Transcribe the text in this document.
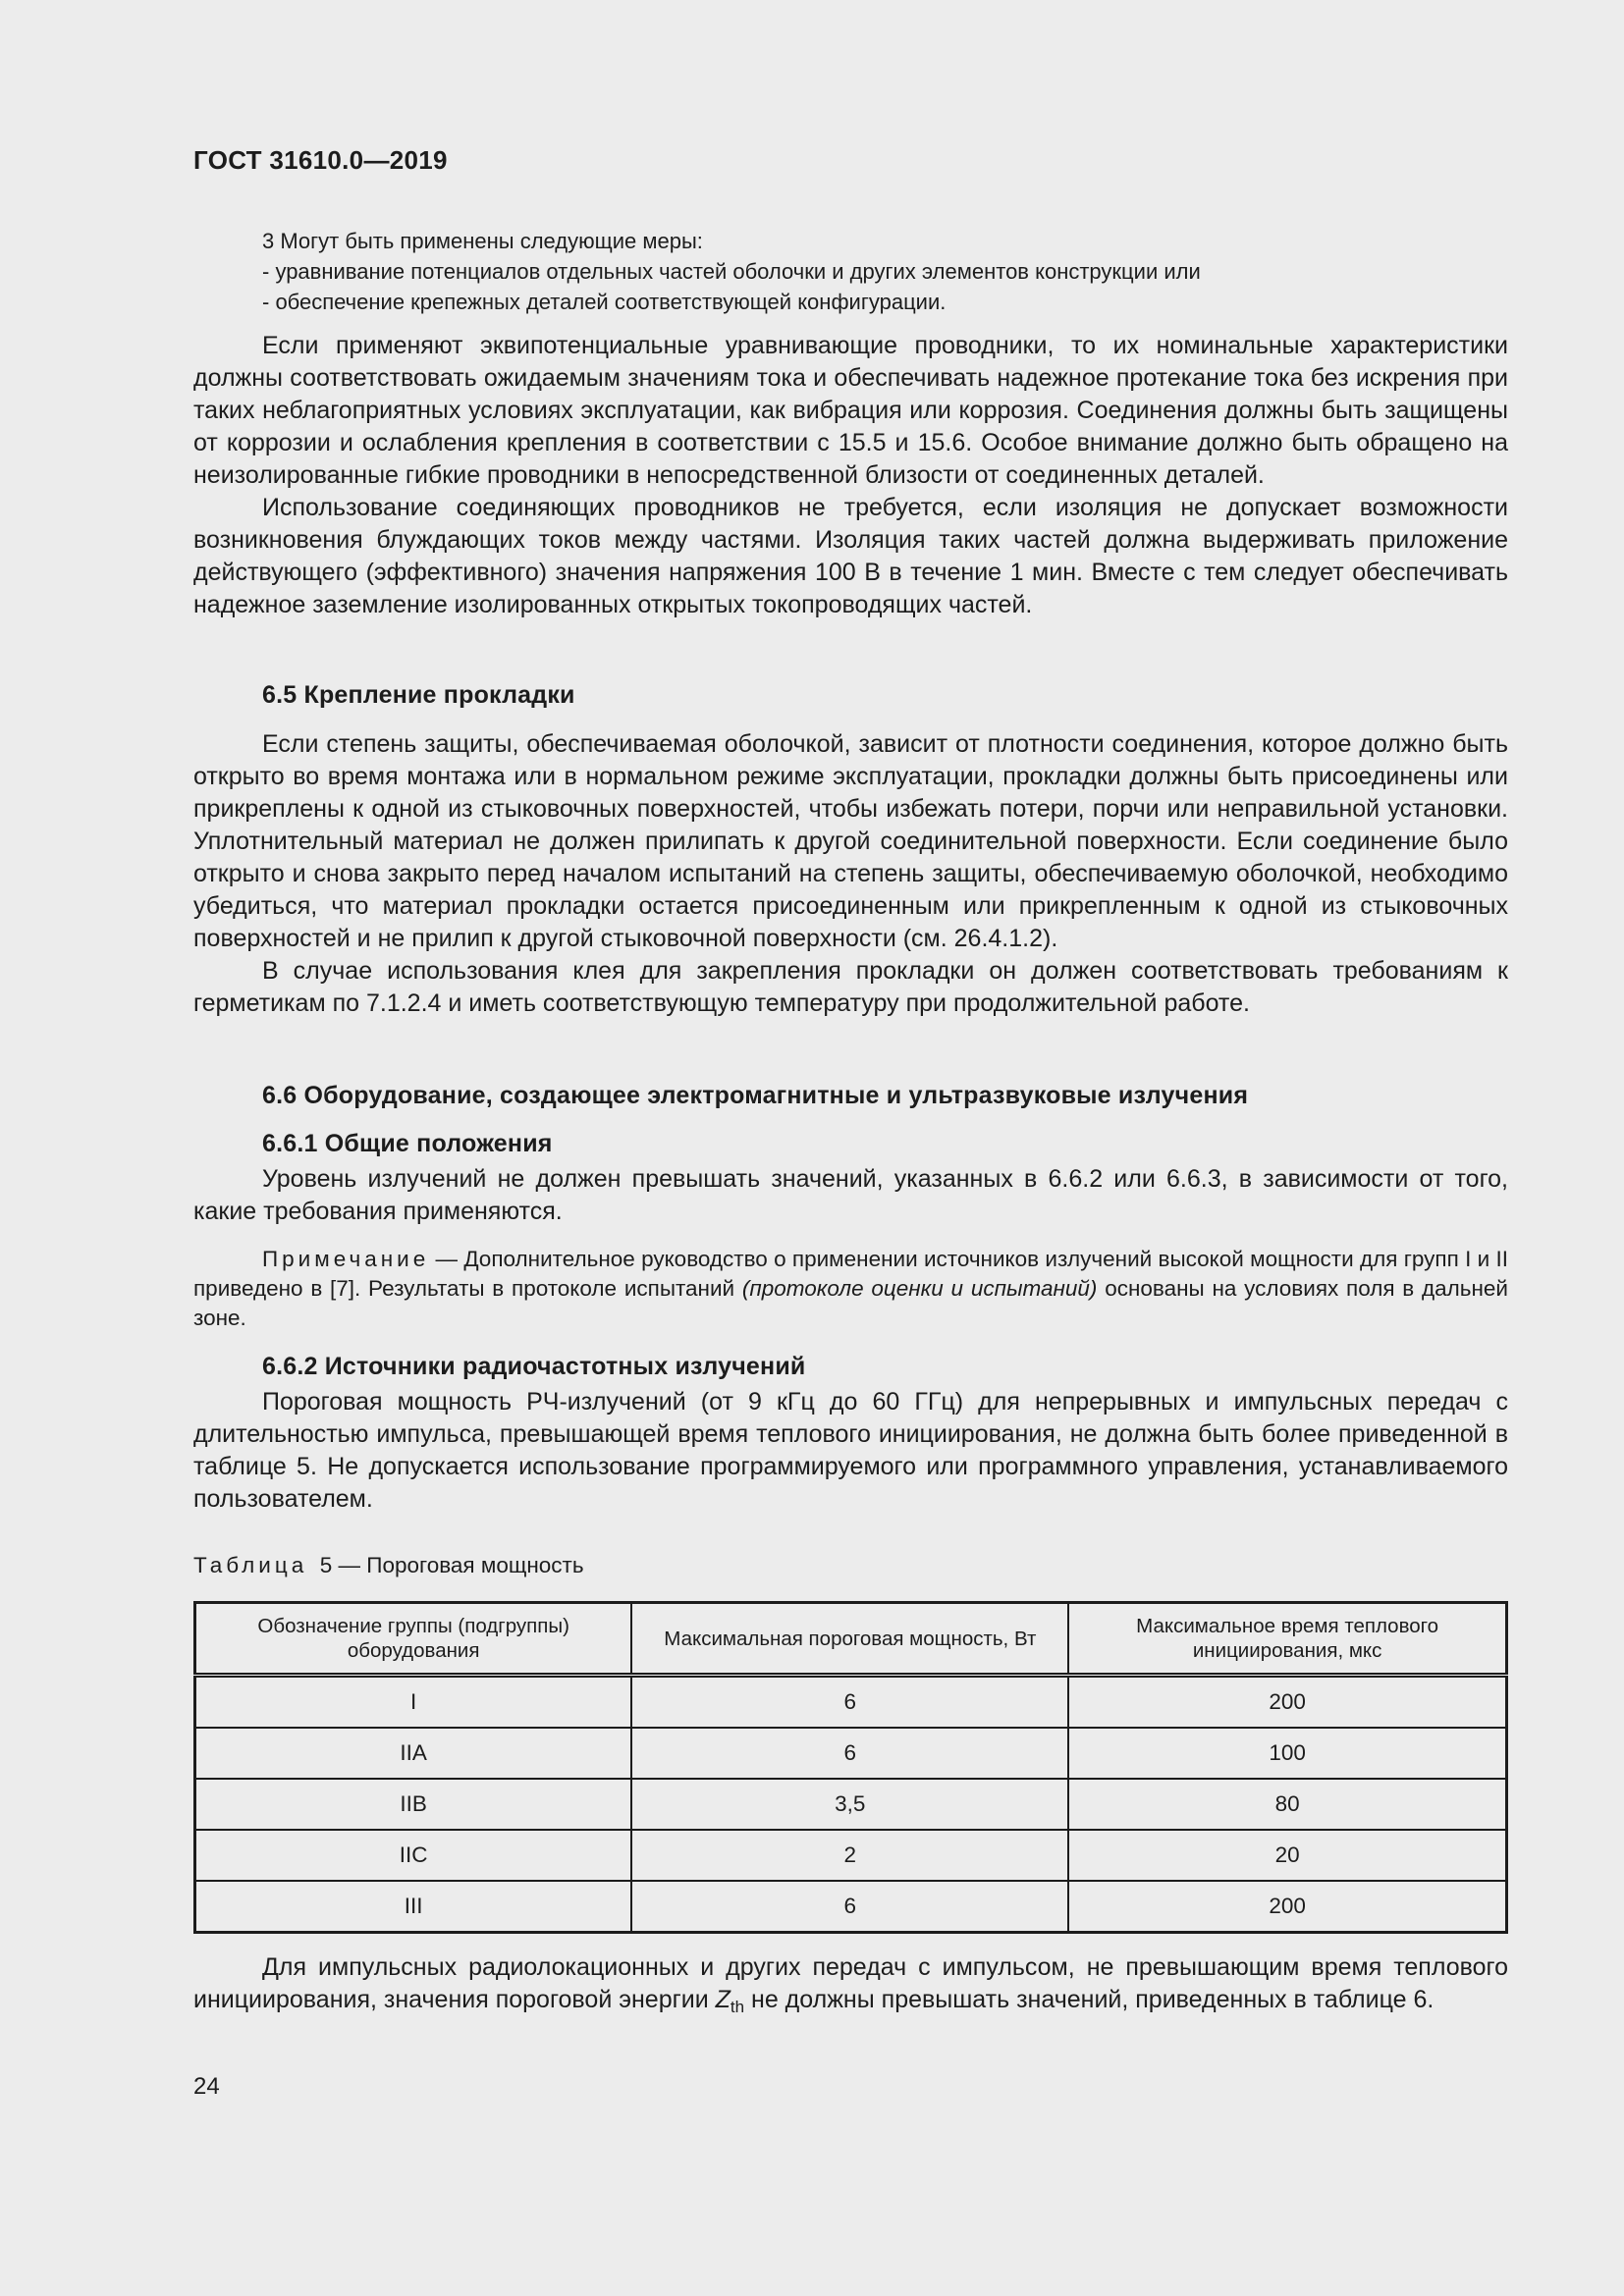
ГОСТ 31610.0—2019
3 Могут быть применены следующие меры:
- уравнивание потенциалов отдельных частей оболочки и других элементов конструкции или
- обеспечение крепежных деталей соответствующей конфигурации.

Если применяют эквипотенциальные уравнивающие проводники, то их номинальные характеристики должны соответствовать ожидаемым значениям тока и обеспечивать надежное протекание тока без искрения при таких неблагоприятных условиях эксплуатации, как вибрация или коррозия. Соединения должны быть защищены от коррозии и ослабления крепления в соответствии с 15.5 и 15.6. Особое внимание должно быть обращено на неизолированные гибкие проводники в непосредственной близости от соединенных деталей.

Использование соединяющих проводников не требуется, если изоляция не допускает возможности возникновения блуждающих токов между частями. Изоляция таких частей должна выдерживать приложение действующего (эффективного) значения напряжения 100 В в течение 1 мин. Вместе с тем следует обеспечивать надежное заземление изолированных открытых токопроводящих частей.

6.5 Крепление прокладки

Если степень защиты, обеспечиваемая оболочкой, зависит от плотности соединения, которое должно быть открыто во время монтажа или в нормальном режиме эксплуатации, прокладки должны быть присоединены или прикреплены к одной из стыковочных поверхностей, чтобы избежать потери, порчи или неправильной установки. Уплотнительный материал не должен прилипать к другой соединительной поверхности. Если соединение было открыто и снова закрыто перед началом испытаний на степень защиты, обеспечиваемую оболочкой, необходимо убедиться, что материал прокладки остается присоединенным или прикрепленным к одной из стыковочных поверхностей и не прилип к другой стыковочной поверхности (см. 26.4.1.2).

В случае использования клея для закрепления прокладки он должен соответствовать требованиям к герметикам по 7.1.2.4 и иметь соответствующую температуру при продолжительной работе.

6.6 Оборудование, создающее электромагнитные и ультразвуковые излучения

6.6.1 Общие положения

Уровень излучений не должен превышать значений, указанных в 6.6.2 или 6.6.3, в зависимости от того, какие требования применяются.

Примечание — Дополнительное руководство о применении источников излучений высокой мощности для групп I и II приведено в [7]. Результаты в протоколе испытаний (протоколе оценки и испытаний) основаны на условиях поля в дальней зоне.

6.6.2 Источники радиочастотных излучений

Пороговая мощность РЧ-излучений (от 9 кГц до 60 ГГц) для непрерывных и импульсных передач с длительностью импульса, превышающей время теплового инициирования, не должна быть более приведенной в таблице 5. Не допускается использование программируемого или программного управления, устанавливаемого пользователем.

Таблица 5 — Пороговая мощность
Обозначение группы (подгруппы) оборудования	Максимальная пороговая мощность, Вт	Максимальное время теплового инициирования, мкс
I	6	200
IIA	6	100
IIB	3,5	80
IIC	2	20
III	6	200

Для импульсных радиолокационных и других передач с импульсом, не превышающим время теплового инициирования, значения пороговой энергии $Z_{th}$ не должны превышать значений, приведенных в таблице 6.

24
